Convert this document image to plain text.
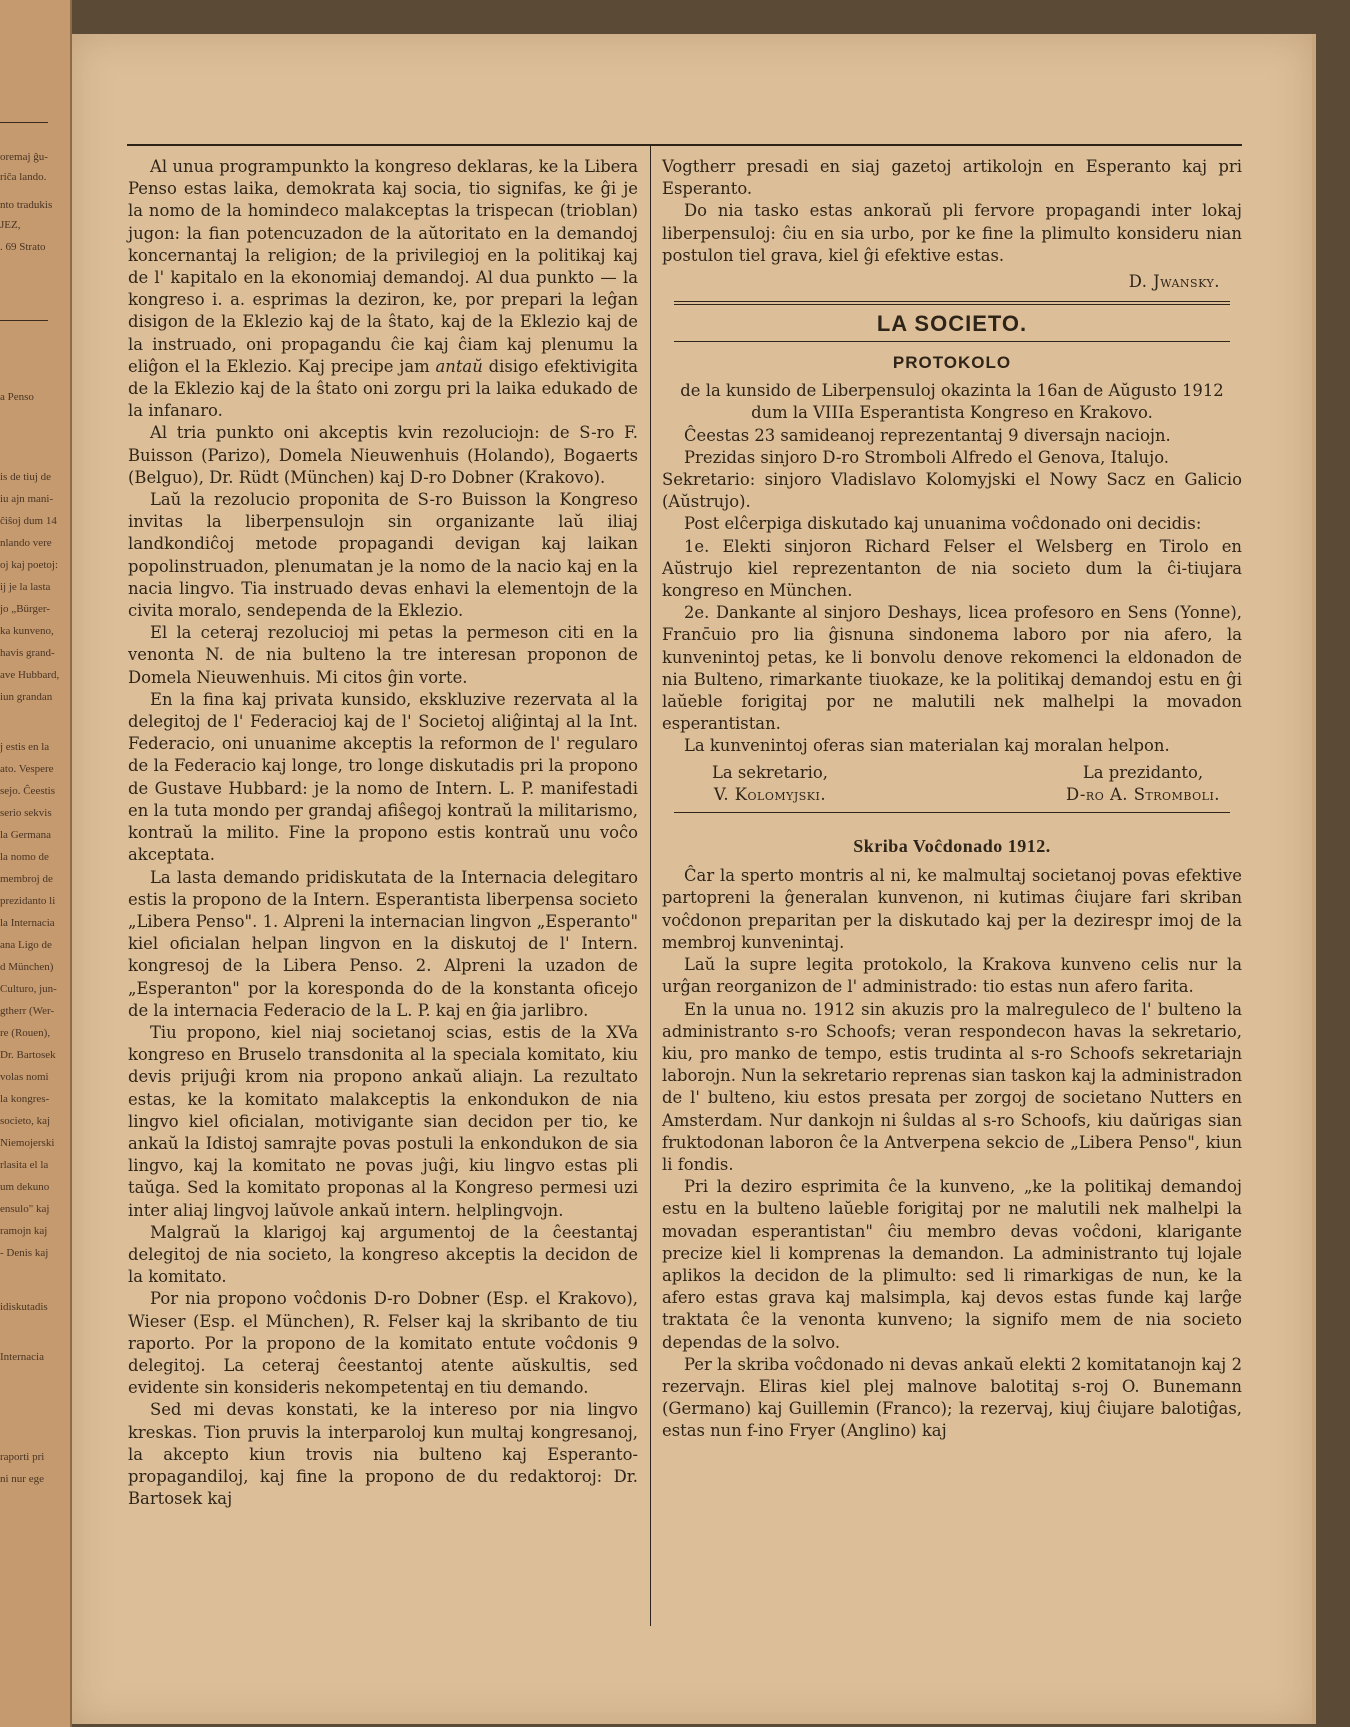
oremaj ĝu-
riĉa lando.
nto tradukis
JEZ,
. 69 Strato
a Penso
is de tiuj de
iu ajn mani-
ĉiŝoj dum 14
nlando vere
oj kaj poetoj:
ij je la lasta
jo „Bürger-
ka kunveno,
havis grand-
ave Hubbard,
iun grandan
j estis en la
ato. Vespere
sejo. Ĉeestis
serio sekvis
la Germana
la nomo de
membroj de
prezidanto li
la Internacia
ana Ligo de
d München)
Culturo, jun-
gtherr (Wer-
re (Rouen),
Dr. Bartosek
volas nomi
la kongres-
societo, kaj
Niemojerski
rlasita el la
um dekuno
ensulo" kaj
ramojn kaj
- Denis kaj
idiskutadis
Internacia
raporti pri
ni nur ege

Al unua programpunkto la kongreso deklaras, ke la Libera Penso estas laika, demokrata kaj socia, tio signifas, ke ĝi je la nomo de la homindeco malakceptas la trispecan (trioblan) jugon: la fian potencuzadon de la aŭtoritato en la demandoj koncernantaj la religion; de la privilegioj en la politikaj kaj de l' kapitalo en la ekonomiaj demandoj. Al dua punkto — la kongreso i. a. esprimas la deziron, ke, por prepari la leĝan disigon de la Eklezio kaj de la ŝtato, kaj de la Eklezio kaj de la instruado, oni propagandu ĉie kaj ĉiam kaj plenumu la eliĝon el la Eklezio. Kaj precipe jam antaŭ disigo efektivigita de la Eklezio kaj de la ŝtato oni zorgu pri la laika edukado de la infanaro.

Al tria punkto oni akceptis kvin rezoluciojn: de S-ro F. Buisson (Parizo), Domela Nieuwenhuis (Holando), Bogaerts (Belguo), Dr. Rüdt (München) kaj D-ro Dobner (Krakovo).

Laŭ la rezolucio proponita de S-ro Buisson la Kongreso invitas la liberpensulojn sin organizante laŭ iliaj landkondiĉoj metode propagandi devigan kaj laikan popolinstruadon, plenumatan je la nomo de la nacio kaj en la nacia lingvo. Tia instruado devas enhavi la elementojn de la civita moralo, sendependa de la Eklezio.

El la ceteraj rezolucioj mi petas la permeson citi en la venonta N. de nia bulteno la tre interesan proponon de Domela Nieuwenhuis. Mi citos ĝin vorte.

En la fina kaj privata kunsido, ekskluzive rezervata al la delegitoj de l' Federacioj kaj de l' Societoj aliĝintaj al la Int. Federacio, oni unuanime akceptis la reformon de l' regularo de la Federacio kaj longe, tro longe diskutadis pri la propono de Gustave Hubbard: je la nomo de Intern. L. P. manifestadi en la tuta mondo per grandaj afiŝegoj kontraŭ la militarismo, kontraŭ la milito. Fine la propono estis kontraŭ unu voĉo akceptata.

La lasta demando pridiskutata de la Internacia delegitaro estis la propono de la Intern. Esperantista liberpensa societo „Libera Penso". 1. Alpreni la internacian lingvon „Esperanto" kiel oficialan helpan lingvon en la diskutoj de l' Intern. kongresoj de la Libera Penso. 2. Alpreni la uzadon de „Esperanton" por la koresponda do de la konstanta oficejo de la internacia Federacio de la L. P. kaj en ĝia jarlibro.

Tiu propono, kiel niaj societanoj scias, estis de la XVa kongreso en Bruselo transdonita al la speciala komitato, kiu devis prijuĝi krom nia propono ankaŭ aliajn. La rezultato estas, ke la komitato malakceptis la enkondukon de nia lingvo kiel oficialan, motivigante sian decidon per tio, ke ankaŭ la Idistoj samrajte povas postuli la enkondukon de sia lingvo, kaj la komitato ne povas juĝi, kiu lingvo estas pli taŭga. Sed la komitato proponas al la Kongreso permesi uzi inter aliaj lingvoj laŭvole ankaŭ intern. helplingvojn.

Malgraŭ la klarigoj kaj argumentoj de la ĉeestantaj delegitoj de nia societo, la kongreso akceptis la decidon de la komitato.

Por nia propono voĉdonis D-ro Dobner (Esp. el Krakovo), Wieser (Esp. el München), R. Felser kaj la skribanto de tiu raporto. Por la propono de la komitato entute voĉdonis 9 delegitoj. La ceteraj ĉeestantoj atente aŭskultis, sed evidente sin konsideris nekompetentaj en tiu demando.

Sed mi devas konstati, ke la intereso por nia lingvo kreskas. Tion pruvis la interparoloj kun multaj kongresanoj, la akcepto kiun trovis nia bulteno kaj Esperanto-propagandiloj, kaj fine la propono de du redaktoroj: Dr. Bartosek kaj

Vogtherr presadi en siaj gazetoj artikolojn en Esperanto kaj pri Esperanto.

Do nia tasko estas ankoraŭ pli fervore propagandi inter lokaj liberpensuloj: ĉiu en sia urbo, por ke fine la plimulto konsideru nian postulon tiel grava, kiel ĝi efektive estas.

D. Jwansky.
LA SOCIETO.
PROTOKOLO
de la kunsido de Liberpensuloj okazinta la 16an de Aŭgusto 1912 dum la VIIIa Esperantista Kongreso en Krakovo.

Ĉeestas 23 samideanoj reprezentantaj 9 diversajn naciojn.

Prezidas sinjoro D-ro Stromboli Alfredo el Genova, Italujo.

Sekretario: sinjoro Vladislavo Kolomyjski el Nowy Sacz en Galicio (Aŭstrujo).

Post elĉerpiga diskutado kaj unuanima voĉdonado oni decidis:

1e. Elekti sinjoron Richard Felser el Welsberg en Tirolo en Aŭstrujo kiel reprezentanton de nia societo dum la ĉi-tiujara kongreso en München.

2e. Dankante al sinjoro Deshays, licea profesoro en Sens (Yonne), Franc̄uio pro lia ĝisnuna sindonema laboro por nia afero, la kunvenintoj petas, ke li bonvolu denove rekomenci la eldonadon de nia Bulteno, rimarkante tiuokaze, ke la politikaj demandoj estu en ĝi laŭeble forigitaj por ne malutili nek malhelpi la movadon esperantistan.

La kunvenintoj oferas sian materialan kaj moralan helpon.

La sekretario,
V. Kolomyjski.
La prezidanto,
D-ro A. Stromboli.
Skriba Voĉdonado 1912.

Ĉar la sperto montris al ni, ke malmultaj societanoj povas efektive partopreni la ĝeneralan kunvenon, ni kutimas ĉiujare fari skriban voĉdonon preparitan per la diskutado kaj per la dezirespr imoj de la membroj kunvenintaj.

Laŭ la supre legita protokolo, la Krakova kunveno celis nur la urĝan reorganizon de l' administrado: tio estas nun afero farita.

En la unua no. 1912 sin akuzis pro la malreguleco de l' bulteno la administranto s-ro Schoofs; veran respondecon havas la sekretario, kiu, pro manko de tempo, estis trudinta al s-ro Schoofs sekretariajn laborojn. Nun la sekretario reprenas sian taskon kaj la administradon de l' bulteno, kiu estos presata per zorgoj de societano Nutters en Amsterdam. Nur dankojn ni ŝuldas al s-ro Schoofs, kiu daŭrigas sian fruktodonan laboron ĉe la Antverpena sekcio de „Libera Penso", kiun li fondis.

Pri la deziro esprimita ĉe la kunveno, „ke la politikaj demandoj estu en la bulteno laŭeble forigitaj por ne malutili nek malhelpi la movadan esperantistan" ĉiu membro devas voĉdoni, klarigante precize kiel li komprenas la demandon. La administranto tuj lojale aplikos la decidon de la plimulto: sed li rimarkigas de nun, ke la afero estas grava kaj malsimpla, kaj devos estas funde kaj larĝe traktata ĉe la venonta kunveno; la signifo mem de nia societo dependas de la solvo.

Per la skriba voĉdonado ni devas ankaŭ elekti 2 komitatanojn kaj 2 rezervajn. Eliras kiel plej malnove balotitaj s-roj O. Bunemann (Germano) kaj Guillemin (Franco); la rezervaj, kiuj ĉiujare balotiĝas, estas nun f-ino Fryer (Anglino) kaj
